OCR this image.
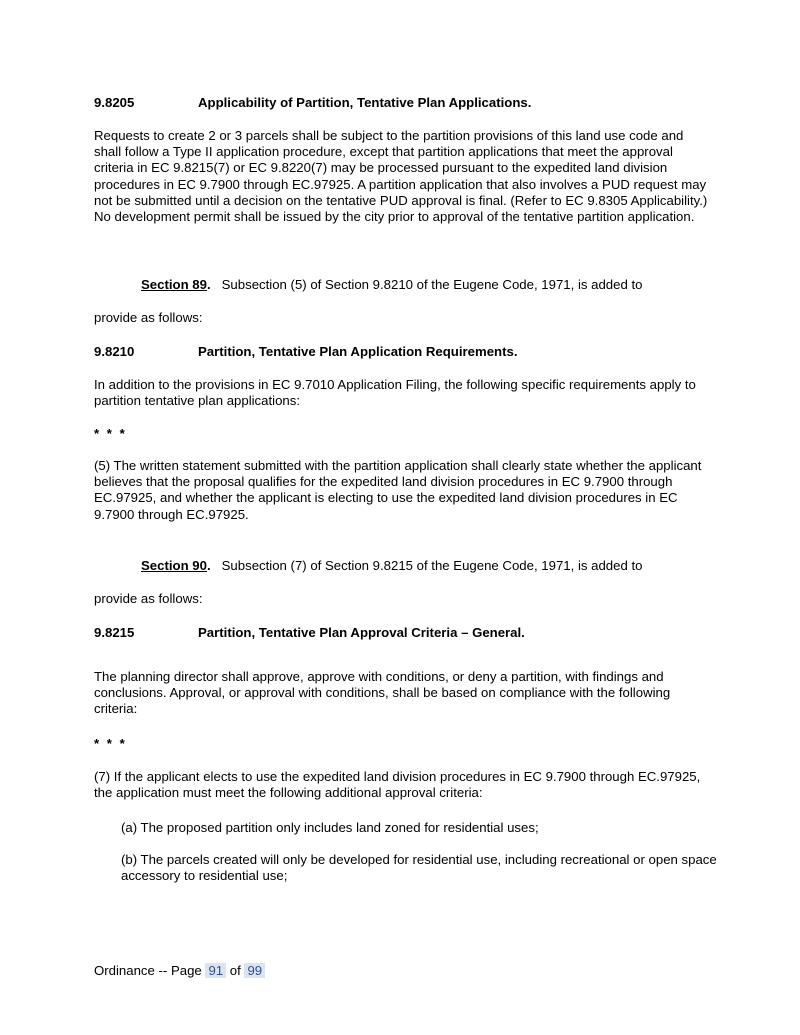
9.8205	Applicability of Partition, Tentative Plan Applications.
Requests to create 2 or 3 parcels shall be subject to the partition provisions of this land use code and shall follow a Type II application procedure, except that partition applications that meet the approval criteria in EC 9.8215(7) or EC 9.8220(7) may be processed pursuant to the expedited land division procedures in EC 9.7900 through EC.97925. A partition application that also involves a PUD request may not be submitted until a decision on the tentative PUD approval is final. (Refer to EC 9.8305 Applicability.) No development permit shall be issued by the city prior to approval of the tentative partition application.
Section 89. Subsection (5) of Section 9.8210 of the Eugene Code, 1971, is added to
provide as follows:
9.8210	Partition, Tentative Plan Application Requirements.
In addition to the provisions in EC 9.7010 Application Filing, the following specific requirements apply to partition tentative plan applications:
* * *
(5) The written statement submitted with the partition application shall clearly state whether the applicant believes that the proposal qualifies for the expedited land division procedures in EC 9.7900 through EC.97925, and whether the applicant is electing to use the expedited land division procedures in EC 9.7900 through EC.97925.
Section 90. Subsection (7) of Section 9.8215 of the Eugene Code, 1971, is added to
provide as follows:
9.8215	Partition, Tentative Plan Approval Criteria – General.
The planning director shall approve, approve with conditions, or deny a partition, with findings and conclusions. Approval, or approval with conditions, shall be based on compliance with the following criteria:
* * *
(7) If the applicant elects to use the expedited land division procedures in EC 9.7900 through EC.97925, the application must meet the following additional approval criteria:
(a) The proposed partition only includes land zoned for residential uses;
(b) The parcels created will only be developed for residential use, including recreational or open space accessory to residential use;
Ordinance -- Page 91 of 99
